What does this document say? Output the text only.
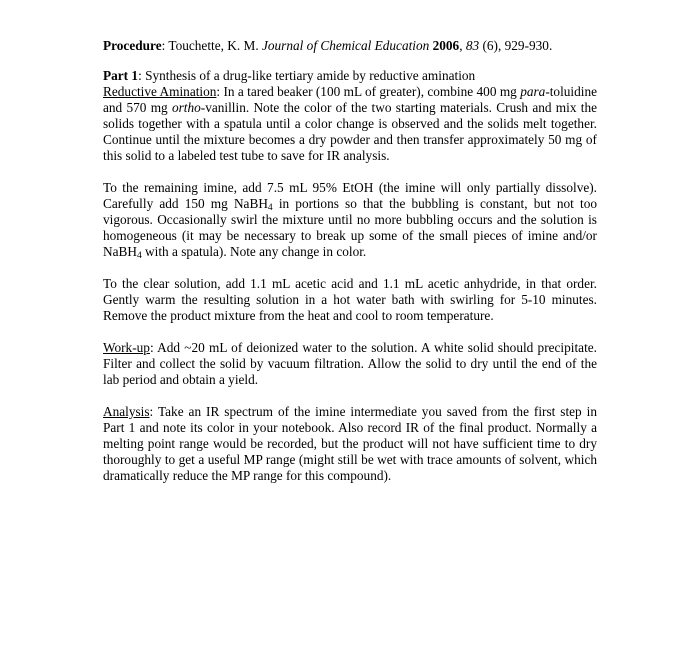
Procedure: Touchette, K. M. Journal of Chemical Education 2006, 83 (6), 929-930.

Part 1: Synthesis of a drug-like tertiary amide by reductive amination

Reductive Amination: In a tared beaker (100 mL of greater), combine 400 mg para-toluidine and 570 mg ortho-vanillin. Note the color of the two starting materials. Crush and mix the solids together with a spatula until a color change is observed and the solids melt together. Continue until the mixture becomes a dry powder and then transfer approximately 50 mg of this solid to a labeled test tube to save for IR analysis.

To the remaining imine, add 7.5 mL 95% EtOH (the imine will only partially dissolve). Carefully add 150 mg NaBH$_4$ in portions so that the bubbling is constant, but not too vigorous. Occasionally swirl the mixture until no more bubbling occurs and the solution is homogeneous (it may be necessary to break up some of the small pieces of imine and/or NaBH$_4$ with a spatula). Note any change in color.

To the clear solution, add 1.1 mL acetic acid and 1.1 mL acetic anhydride, in that order. Gently warm the resulting solution in a hot water bath with swirling for 5-10 minutes. Remove the product mixture from the heat and cool to room temperature.

Work-up: Add ~20 mL of deionized water to the solution. A white solid should precipitate. Filter and collect the solid by vacuum filtration. Allow the solid to dry until the end of the lab period and obtain a yield.

Analysis: Take an IR spectrum of the imine intermediate you saved from the first step in Part 1 and note its color in your notebook. Also record IR of the final product. Normally a melting point range would be recorded, but the product will not have sufficient time to dry thoroughly to get a useful MP range (might still be wet with trace amounts of solvent, which dramatically reduce the MP range for this compound).
